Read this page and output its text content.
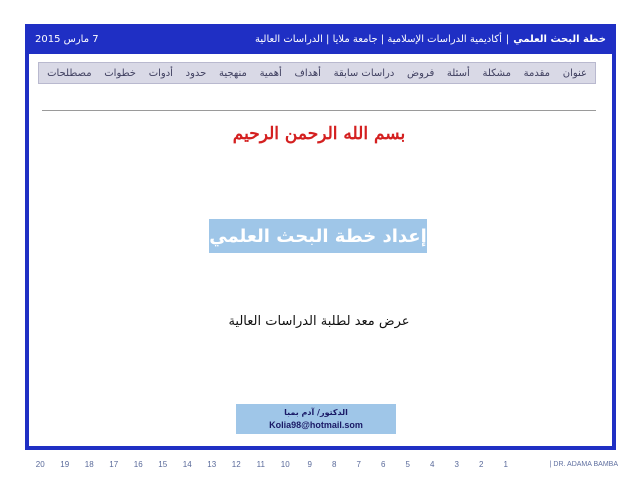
7 مارس 2015	خطة البحث العلمي
|
أكاديمية الدراسات الإسلامية | جامعة ملايا | الدراسات العالية
عنوان
مقدمة
مشكلة
أسئلة
فروض
دراسات سابقة
أهداف
أهمية
منهجية
حدود
أدوات
خطوات
مصطلحات
بسم الله الرحمن الرحيم
إعداد خطة البحث العلمي
عرض معد لطلبة الدراسات العالية
الدكتور/ آدم بمبا
Kolia98@hotmail.som
1
2
3
4
5
6
7
8
9
10
11
12
13
14
15
16
17
18
19
20	| DR. ADAMA BAMBA
